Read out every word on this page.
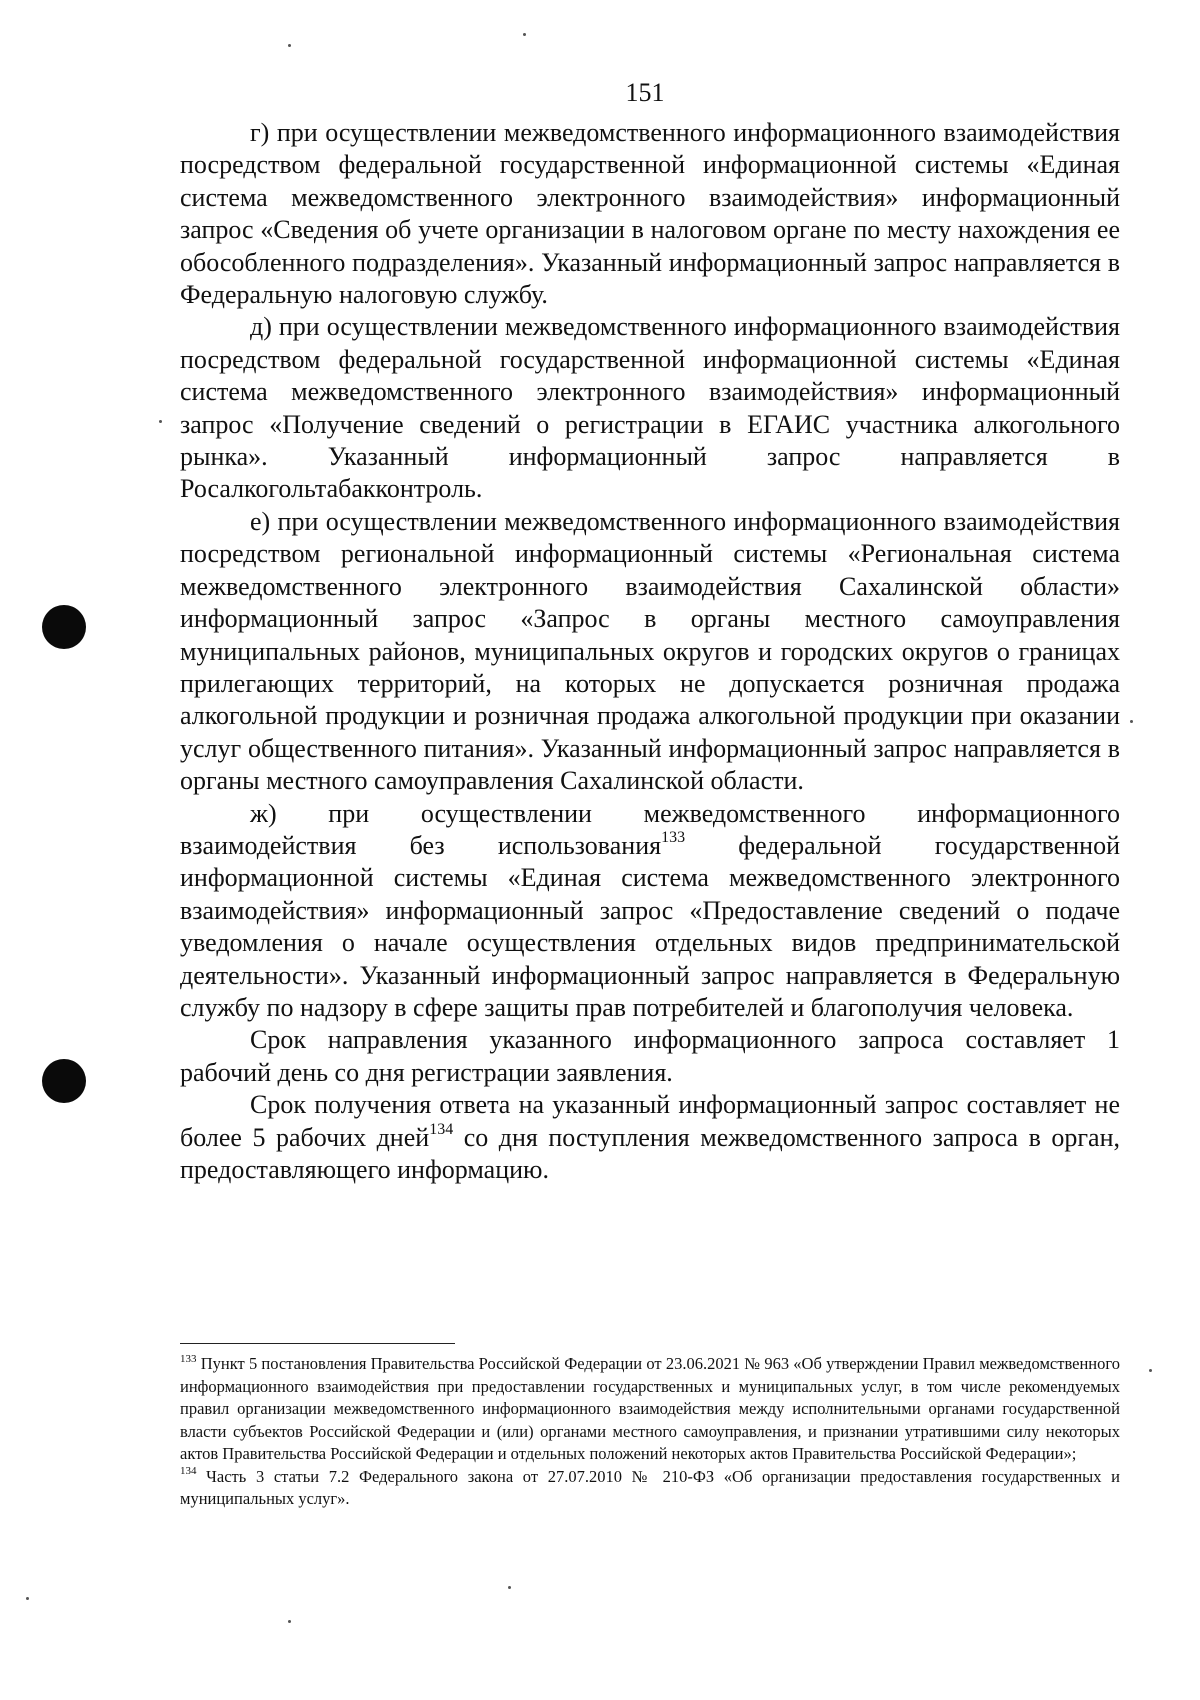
151

г) при осуществлении межведомственного информационного взаимодействия посредством федеральной государственной информационной системы «Единая система межведомственного электронного взаимодействия» информационный запрос «Сведения об учете организации в налоговом органе по месту нахождения ее обособленного подразделения». Указанный информационный запрос направляется в Федеральную налоговую службу.

д) при осуществлении межведомственного информационного взаимодействия посредством федеральной государственной информационной системы «Единая система межведомственного электронного взаимодействия» информационный запрос «Получение сведений о регистрации в ЕГАИС участника алкогольного рынка». Указанный информационный запрос направляется в Росалкогольтабакконтроль.

е) при осуществлении межведомственного информационного взаимодействия посредством региональной информационный системы «Региональная система межведомственного электронного взаимодействия Сахалинской области» информационный запрос «Запрос в органы местного самоуправления муниципальных районов, муниципальных округов и городских округов о границах прилегающих территорий, на которых не допускается розничная продажа алкогольной продукции и розничная продажа алкогольной продукции при оказании услуг общественного питания». Указанный информационный запрос направляется в органы местного самоуправления Сахалинской области.

ж) при осуществлении межведомственного информационного взаимодействия без использования$^{133}$ федеральной государственной информационной системы «Единая система межведомственного электронного взаимодействия» информационный запрос «Предоставление сведений о подаче уведомления о начале осуществления отдельных видов предпринимательской деятельности». Указанный информационный запрос направляется в Федеральную службу по надзору в сфере защиты прав потребителей и благополучия человека.

Срок направления указанного информационного запроса составляет 1 рабочий день со дня регистрации заявления.

Срок получения ответа на указанный информационный запрос составляет не более 5 рабочих дней$^{134}$ со дня поступления межведомственного запроса в орган, предоставляющего информацию.

$^{133}$ Пункт 5 постановления Правительства Российской Федерации от 23.06.2021 № 963 «Об утверждении Правил межведомственного информационного взаимодействия при предоставлении государственных и муниципальных услуг, в том числе рекомендуемых правил организации межведомственного информационного взаимодействия между исполнительными органами государственной власти субъектов Российской Федерации и (или) органами местного самоуправления, и признании утратившими силу некоторых актов Правительства Российской Федерации и отдельных положений некоторых актов Правительства Российской Федерации»;

$^{134}$ Часть 3 статьи 7.2 Федерального закона от 27.07.2010 № 210-ФЗ «Об организации предоставления государственных и муниципальных услуг».
